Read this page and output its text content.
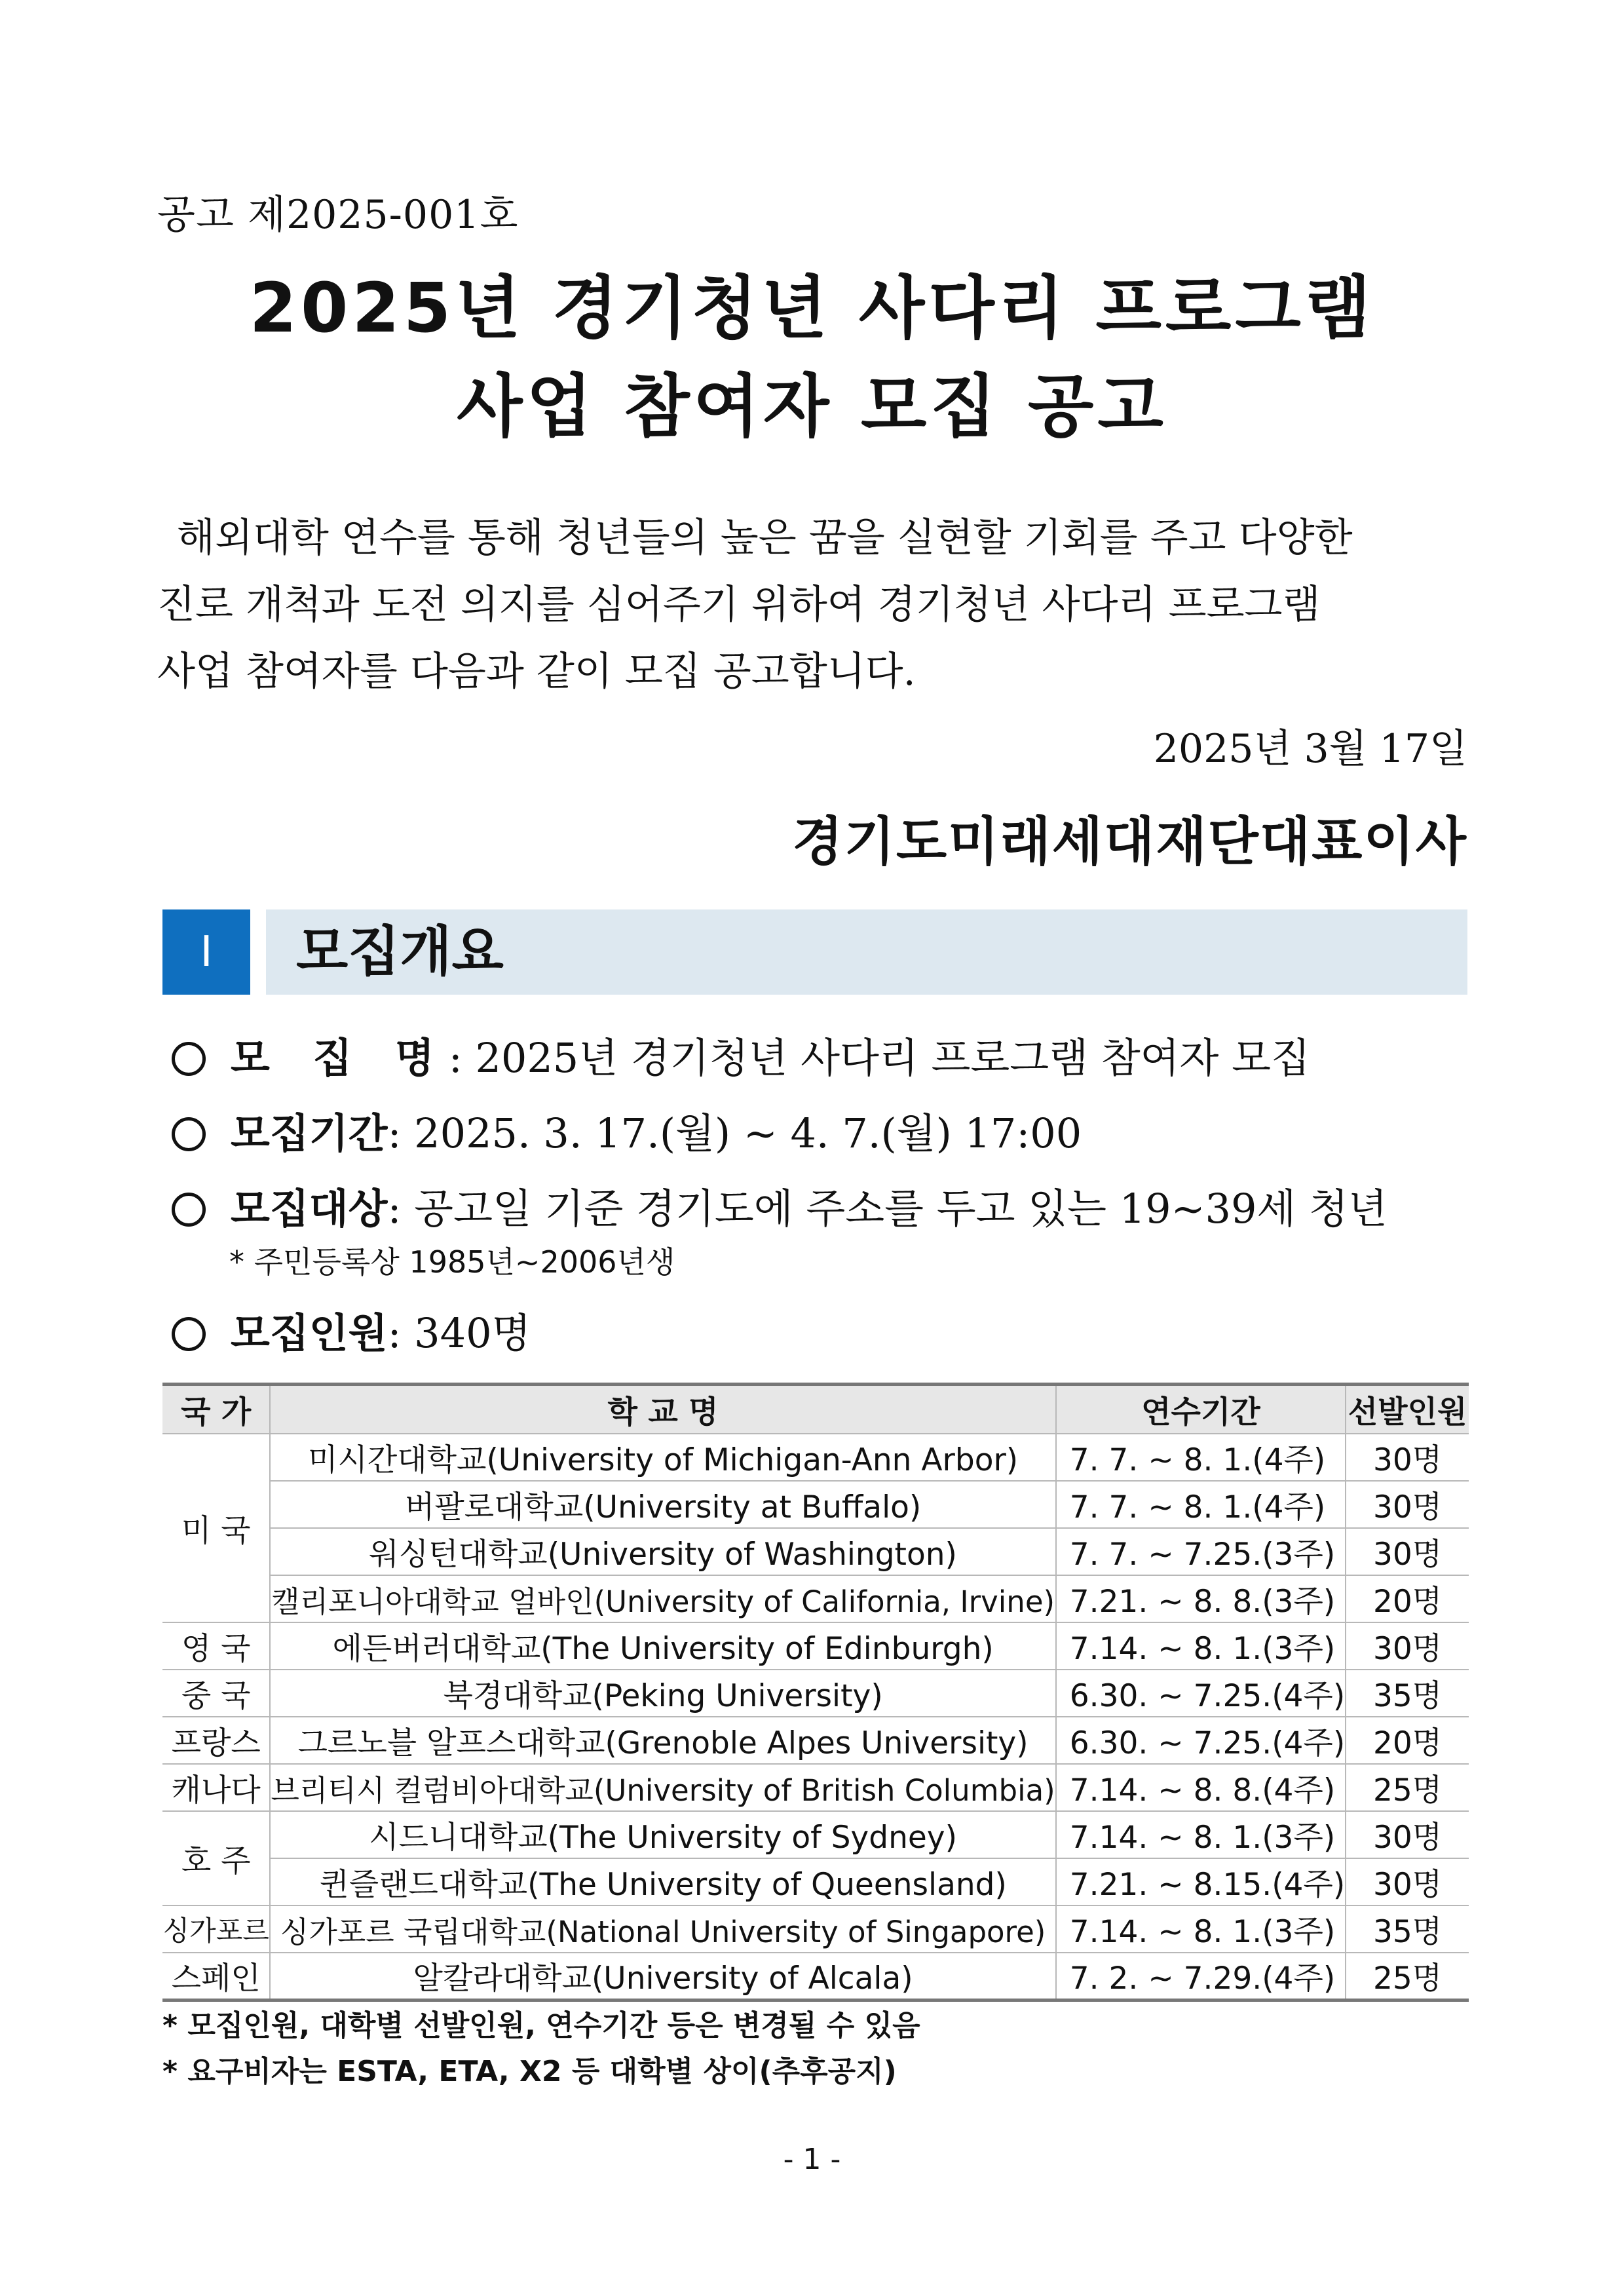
공고 제2025-001호
2025년 경기청년 사다리 프로그램
사업 참여자 모집 공고
해외대학 연수를 통해 청년들의 높은 꿈을 실현할 기회를 주고 다양한
진로 개척과 도전 의지를 심어주기 위하여 경기청년 사다리 프로그램
사업 참여자를 다음과 같이 모집 공고합니다.
2025년 3월 17일
경기도미래세대재단대표이사
Ⅰ	모집개요
모 집 명: 2025년 경기청년 사다리 프로그램 참여자 모집
모집기간: 2025. 3. 17.(월) ~ 4. 7.(월) 17:00
모집대상: 공고일 기준 경기도에 주소를 두고 있는 19~39세 청년
* 주민등록상 1985년~2006년생
모집인원: 340명
국 가	학 교 명	연수기간	선발인원
미 국	미시간대학교(University of Michigan-Ann Arbor)	7. 7. ~ 8. 1.(4주)	30명
	버팔로대학교(University at Buffalo)	7. 7. ~ 8. 1.(4주)	30명
	워싱턴대학교(University of Washington)	7. 7. ~ 7.25.(3주)	30명
	캘리포니아대학교 얼바인(University of California, Irvine)	7.21. ~ 8. 8.(3주)	20명
영 국	에든버러대학교(The University of Edinburgh)	7.14. ~ 8. 1.(3주)	30명
중 국	북경대학교(Peking University)	6.30. ~ 7.25.(4주)	35명
프랑스	그르노블 알프스대학교(Grenoble Alpes University)	6.30. ~ 7.25.(4주)	20명
캐나다	브리티시 컬럼비아대학교(University of British Columbia)	7.14. ~ 8. 8.(4주)	25명
호 주	시드니대학교(The University of Sydney)	7.14. ~ 8. 1.(3주)	30명
	퀸즐랜드대학교(The University of Queensland)	7.21. ~ 8.15.(4주)	30명
싱가포르	싱가포르 국립대학교(National University of Singapore)	7.14. ~ 8. 1.(3주)	35명
스페인	알칼라대학교(University of Alcala)	7. 2. ~ 7.29.(4주)	25명
* 모집인원, 대학별 선발인원, 연수기간 등은 변경될 수 있음
* 요구비자는 ESTA, ETA, X2 등 대학별 상이(추후공지)
- 1 -
